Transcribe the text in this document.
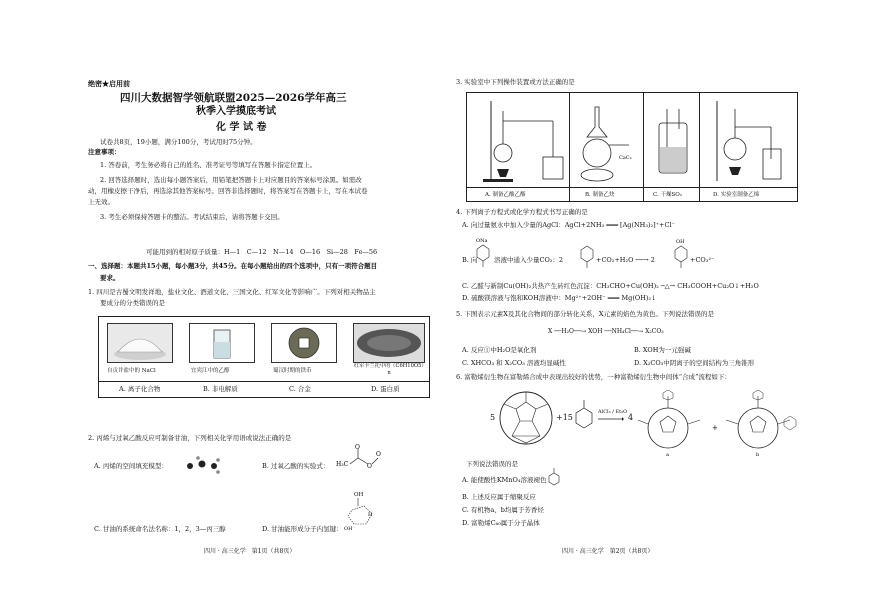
绝密★启用前
四川大数据智学领航联盟2025—2026学年高三
秋季入学摸底考试
化 学 试 卷
试卷共8页，19小题，满分100分，考试用时75分钟。
注意事项：
1. 答卷前，考生务必将自己的姓名、准考证号等填写在答题卡指定位置上。
2. 回答选择题时，选出每小题答案后，用铅笔把答题卡上对应题目的答案标号涂黑。如需改
动，用橡皮擦干净后，再选涂其他答案标号。回答非选择题时，将答案写在答题卡上，写在本试卷
上无效。
3. 考生必须保持答题卡的整洁。考试结束后，请将答题卡交回。
可能用到的相对原子质量：H—1　C—12　N—14　O—16　Si—28　Fe—56
一、选择题：本题共15小题，每小题3分，共45分。在每小题给出的四个选项中，只有一项符合题目
要求。
1. 四川是古蜀文明发祥地，盐业文化、酒道文化、三国文化、红军文化等影响广。下列对相关物品主
要成分的分类错误的是
自贡井盐中的 NaCl	宜宾江中的乙醇	蜀汉时期的铁币
红军卡兰托中的（C6H10O5）n
A. 离子化合物	B. 非电解质	C. 合金	D. 蛋白质
2. 丙烯与过氧乙酸反应可制备甘油，下列相关化学用语或说法正确的是
A. 丙烯的空间填充模型：	B. 过氧乙酸的实验式： H₃C
O
O
O
C. 甘油的系统命名法名称：1，2，3—丙三醇	D. 甘油能形成分子内氢键：
OH
H
OH
四川 · 高三化学　第1页（共8页）
3. 实验室中下列操作装置或方法正确的是
CaC₂
A. 制备乙酸乙酯	B. 制备乙炔	C. 干燥SO₂	D. 实验室制备乙烯
4. 下列离子方程式或化学方程式书写正确的是
A. 向过量氨水中加入少量的AgCl：AgCl+2NH₃ ═══ [Ag(NH₃)₂]⁺+Cl⁻
B. 向
ONa
溶液中通入少量CO₂：2	+CO₂+H₂O ──→ 2
OH
+CO₃²⁻
C. 乙醛与新制Cu(OH)₂共热产生砖红色沉淀：CH₃CHO+Cu(OH)₂ ─△→ CH₃COOH+Cu₂O↓+H₂O
D. 硫酸镁溶液与饱和KOH溶液中：Mg²⁺+2OH⁻ ═══ Mg(OH)₂↓
5. 下图表示元素X及其化合物间的部分转化关系，X元素的焰色为黄色。下列说法错误的是
X ──H₂O──→ XOH ──NH₄Cl──→ X₂CO₃
A. 反应①中H₂O是氧化剂	B. XOH为一元强碱
C. XHCO₃ 和 X₂CO₃ 溶液均显碱性	D. X₂CO₃中阴离子的空间结构为三角锥形
6. 富勒烯衍生物在富勒烯合成中表现出较好的优势，一种富勒烯衍生物中间体“合成”流程如下：
5	+15
AlCl₃ / Et₂O
→ 4
a
+
b
下列说法错误的是
A. 能使酸性KMnO₄溶液褪色
B. 上述反应属于缩聚反应
C. 有机物a、b均属于芳香烃
D. 富勒烯C₆₀属于分子晶体
四川 · 高三化学　第2页（共8页）
